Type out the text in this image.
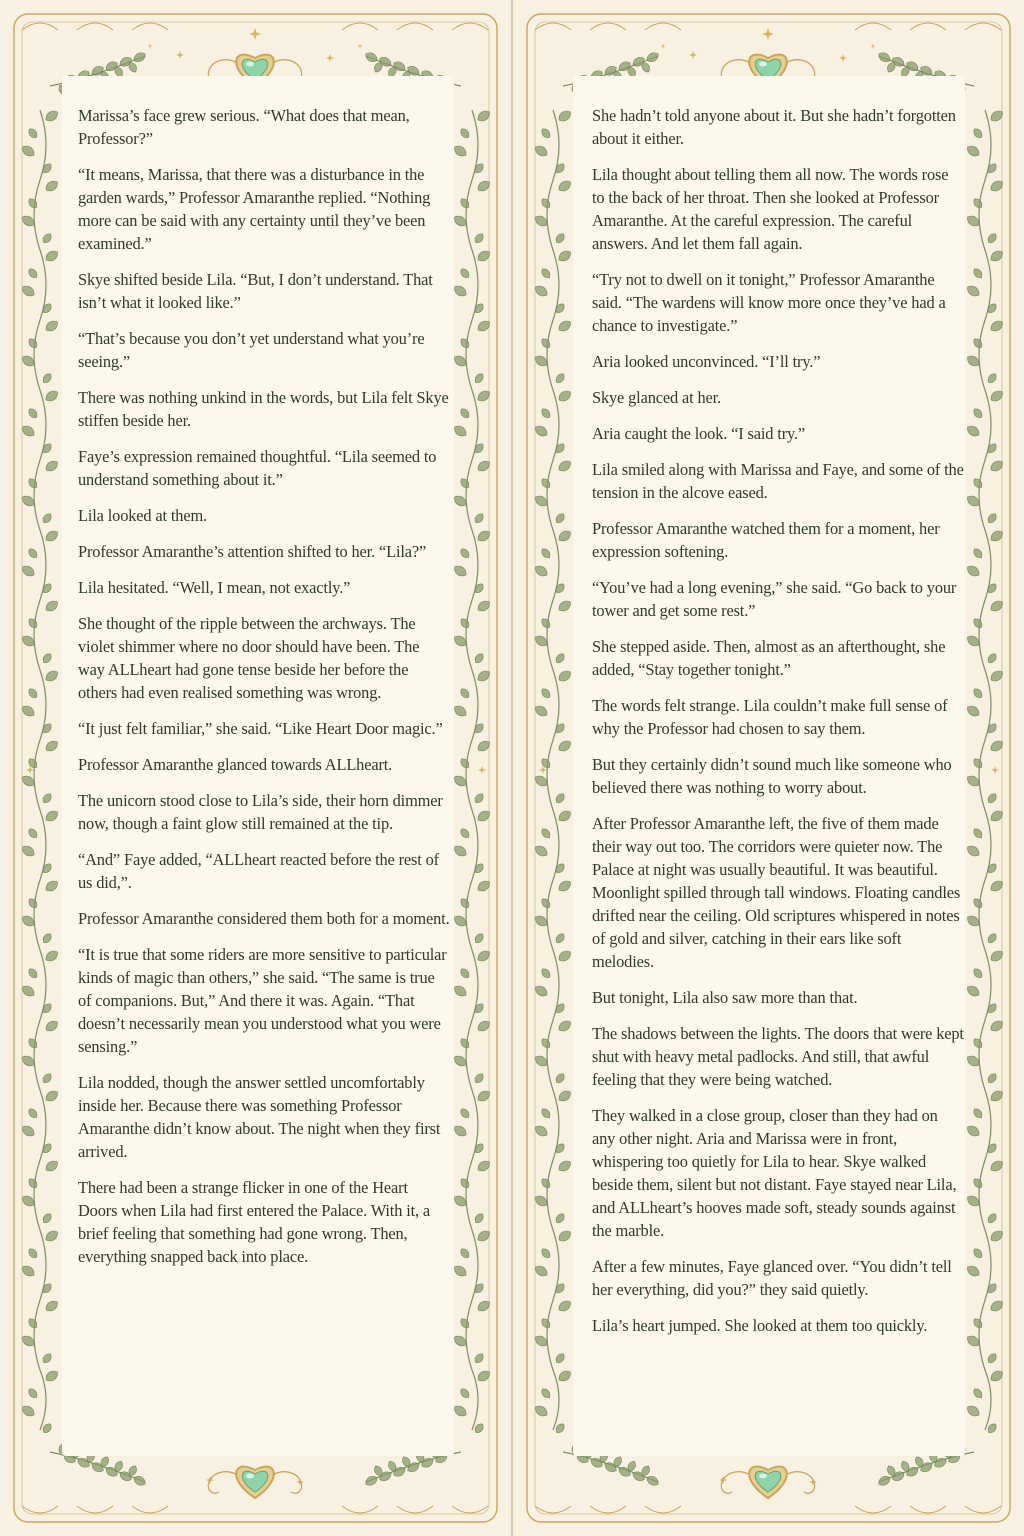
Marissa’s face grew serious. “What does that mean, Professor?”

“It means, Marissa, that there was a disturbance in the garden wards,” Professor Amaranthe replied. “Nothing more can be said with any certainty until they’ve been examined.”

Skye shifted beside Lila. “But, I don’t understand. That isn’t what it looked like.”

“That’s because you don’t yet understand what you’re seeing.”

There was nothing unkind in the words, but Lila felt Skye stiffen beside her.

Faye’s expression remained thoughtful. “Lila seemed to understand something about it.”

Lila looked at them.

Professor Amaranthe’s attention shifted to her. “Lila?”

Lila hesitated. “Well, I mean, not exactly.”

She thought of the ripple between the archways. The violet shimmer where no door should have been. The way ALLheart had gone tense beside her before the others had even realised something was wrong.

“It just felt familiar,” she said. “Like Heart Door magic.”

Professor Amaranthe glanced towards ALLheart.

The unicorn stood close to Lila’s side, their horn dimmer now, though a faint glow still remained at the tip.

“And” Faye added, “ALLheart reacted before the rest of us did,”.

Professor Amaranthe considered them both for a moment.

“It is true that some riders are more sensitive to particular kinds of magic than others,” she said. “The same is true of companions. But,” And there it was. Again. “That doesn’t necessarily mean you understood what you were sensing.”

Lila nodded, though the answer settled uncomfortably inside her. Because there was something Professor Amaranthe didn’t know about. The night when they first arrived.

There had been a strange flicker in one of the Heart Doors when Lila had first entered the Palace. With it, a brief feeling that something had gone wrong. Then, everything snapped back into place.

She hadn’t told anyone about it. But she hadn’t forgotten about it either.

Lila thought about telling them all now. The words rose to the back of her throat. Then she looked at Professor Amaranthe. At the careful expression. The careful answers. And let them fall again.

“Try not to dwell on it tonight,” Professor Amaranthe said. “The wardens will know more once they’ve had a chance to investigate.”

Aria looked unconvinced. “I’ll try.”

Skye glanced at her.

Aria caught the look. “I said try.”

Lila smiled along with Marissa and Faye, and some of the tension in the alcove eased.

Professor Amaranthe watched them for a moment, her expression softening.

“You’ve had a long evening,” she said. “Go back to your tower and get some rest.”

She stepped aside. Then, almost as an afterthought, she added, “Stay together tonight.”

The words felt strange. Lila couldn’t make full sense of why the Professor had chosen to say them.

But they certainly didn’t sound much like someone who believed there was nothing to worry about.

After Professor Amaranthe left, the five of them made their way out too. The corridors were quieter now. The Palace at night was usually beautiful. It was beautiful. Moonlight spilled through tall windows. Floating candles drifted near the ceiling. Old scriptures whispered in notes of gold and silver, catching in their ears like soft melodies.

But tonight, Lila also saw more than that.

The shadows between the lights. The doors that were kept shut with heavy metal padlocks. And still, that awful feeling that they were being watched.

They walked in a close group, closer than they had on any other night. Aria and Marissa were in front, whispering too quietly for Lila to hear. Skye walked beside them, silent but not distant. Faye stayed near Lila, and ALLheart’s hooves made soft, steady sounds against the marble.

After a few minutes, Faye glanced over. “You didn’t tell her everything, did you?” they said quietly.

Lila’s heart jumped. She looked at them too quickly.
